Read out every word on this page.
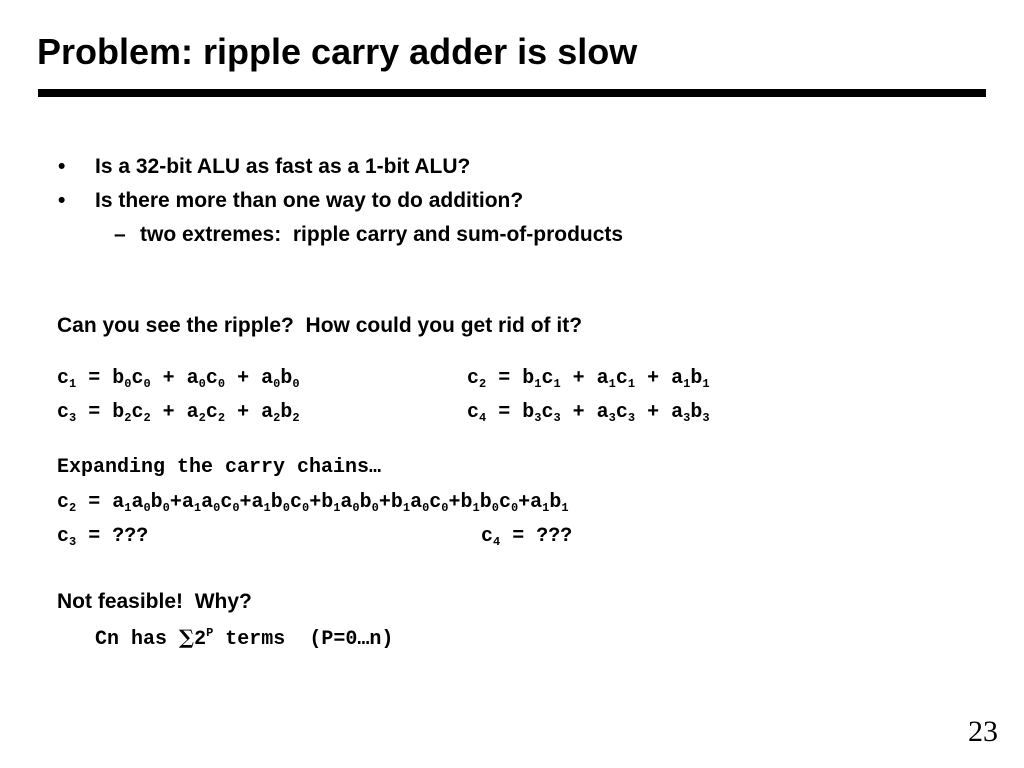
Problem: ripple carry adder is slow
• Is a 32-bit ALU as fast as a 1-bit ALU?
• Is there more than one way to do addition?
– two extremes:  ripple carry and sum-of-products
Can you see the ripple?  How could you get rid of it?
$c_1 = b_0c_0 + a_0c_0 + a_0b_0$	$c_2 = b_1c_1 + a_1c_1 + a_1b_1$
$c_3 = b_2c_2 + a_2c_2 + a_2b_2$	$c_4 = b_3c_3 + a_3c_3 + a_3b_3$
Expanding the carry chains…
$c_2 = a_1a_0b_0+a_1a_0c_0+a_1b_0c_0+b_1a_0b_0+b_1a_0c_0+b_1b_0c_0+a_1b_1$
$c_3$ = ???	$c_4$ = ???
Not feasible!  Why?
Cn has $\sum 2^P$ terms  (P=0…n)
23
